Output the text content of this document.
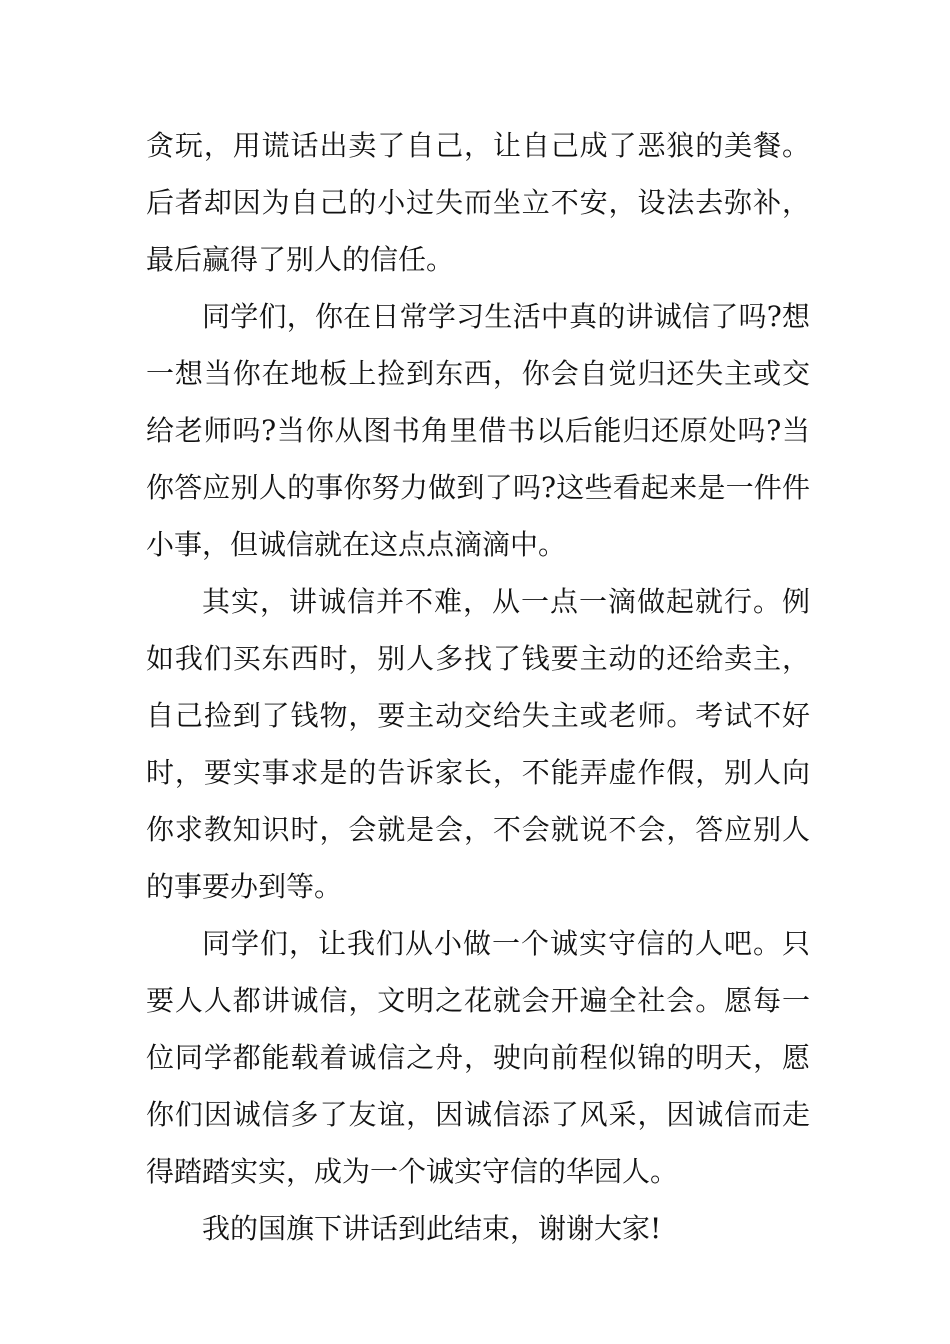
贪玩，用谎话出卖了自己，让自己成了恶狼的美餐。后者却因为自己的小过失而坐立不安，设法去弥补，最后赢得了别人的信任。

同学们，你在日常学习生活中真的讲诚信了吗?想一想当你在地板上捡到东西，你会自觉归还失主或交给老师吗?当你从图书角里借书以后能归还原处吗?当你答应别人的事你努力做到了吗?这些看起来是一件件小事，但诚信就在这点点滴滴中。

其实，讲诚信并不难，从一点一滴做起就行。例如我们买东西时，别人多找了钱要主动的还给卖主，自己捡到了钱物，要主动交给失主或老师。考试不好时，要实事求是的告诉家长，不能弄虚作假，别人向你求教知识时，会就是会，不会就说不会，答应别人的事要办到等。

同学们，让我们从小做一个诚实守信的人吧。只要人人都讲诚信，文明之花就会开遍全社会。愿每一位同学都能载着诚信之舟，驶向前程似锦的明天，愿你们因诚信多了友谊，因诚信添了风采，因诚信而走得踏踏实实，成为一个诚实守信的华园人。

我的国旗下讲话到此结束，谢谢大家!
